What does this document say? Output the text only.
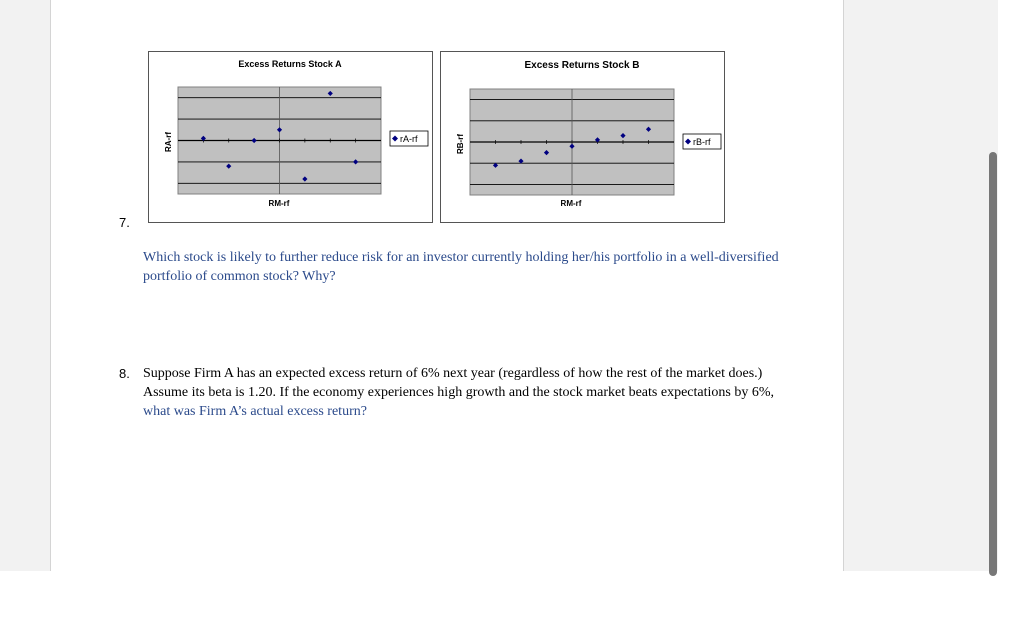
Excess Returns Stock A
RM-rf
RA-rf	rA-rf
Excess Returns Stock B
RM-rf
RB-rf	rB-rf
7.
Which stock is likely to further reduce risk for an investor currently holding her/his portfolio in a well-diversified
portfolio of common stock? Why?
8. Suppose Firm A has an expected excess return of 6% next year (regardless of how the rest of the market does.)
Assume its beta is 1.20. If the economy experiences high growth and the stock market beats expectations by 6%,
what was Firm A’s actual excess return?
